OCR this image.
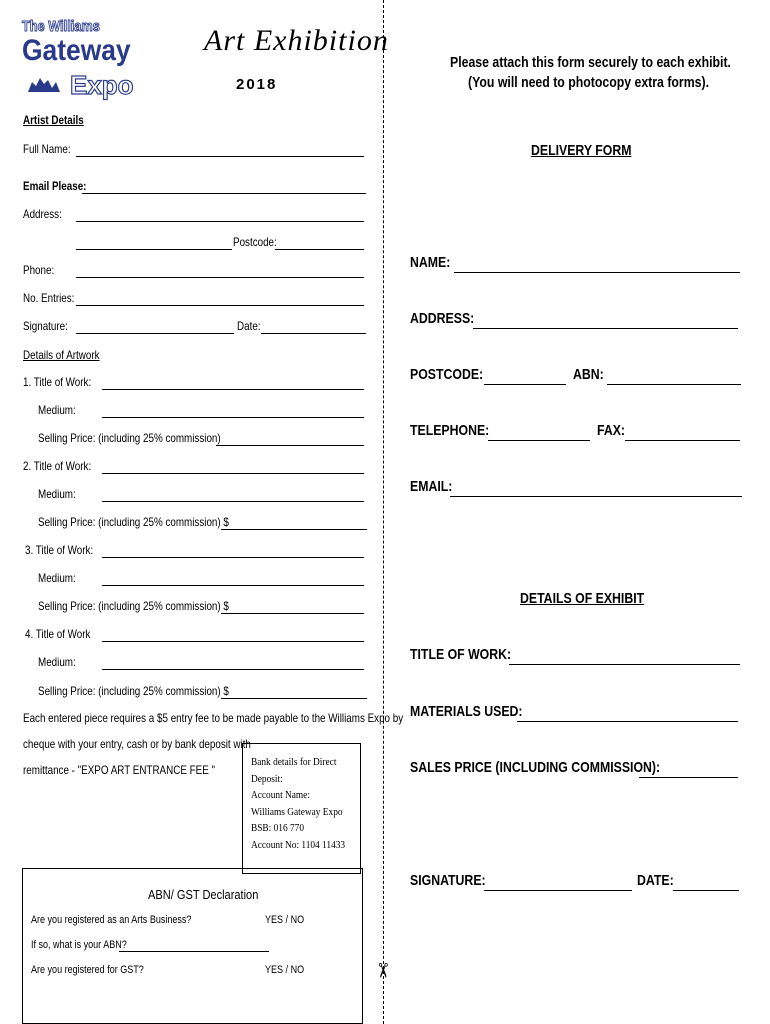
The Williams
Gateway
Expo
Art Exhibition
2018
Please attach this form securely to each exhibit.
(You will need to photocopy extra forms).
✂
Artist Details
Full Name:
Email Please:
Address:
Postcode:
Phone:
No. Entries:
Signature:	Date:
Details of Artwork
1. Title of Work:
Medium:
Selling Price: (including 25% commission)
2. Title of Work:
Medium:
Selling Price: (including 25% commission) $
3. Title of Work:
Medium:
Selling Price: (including 25% commission) $
4. Title of Work
Medium:
Selling Price: (including 25% commission) $
Each entered piece requires a $5 entry fee to be made payable to the Williams Expo by
cheque with your entry, cash or by bank deposit with
remittance - "EXPO ART ENTRANCE FEE "
Bank details for Direct
Deposit:
Account Name:
Williams Gateway Expo
BSB: 016 770
Account No: 1104 11433
ABN/ GST Declaration
Are you registered as an Arts Business?	YES / NO
If so, what is your ABN?
Are you registered for GST?	YES / NO
DELIVERY FORM
NAME:
ADDRESS:
POSTCODE:	ABN:
TELEPHONE:	FAX:
EMAIL:
DETAILS OF EXHIBIT
TITLE OF WORK:
MATERIALS USED:
SALES PRICE (INCLUDING COMMISSION):
SIGNATURE:	DATE:
